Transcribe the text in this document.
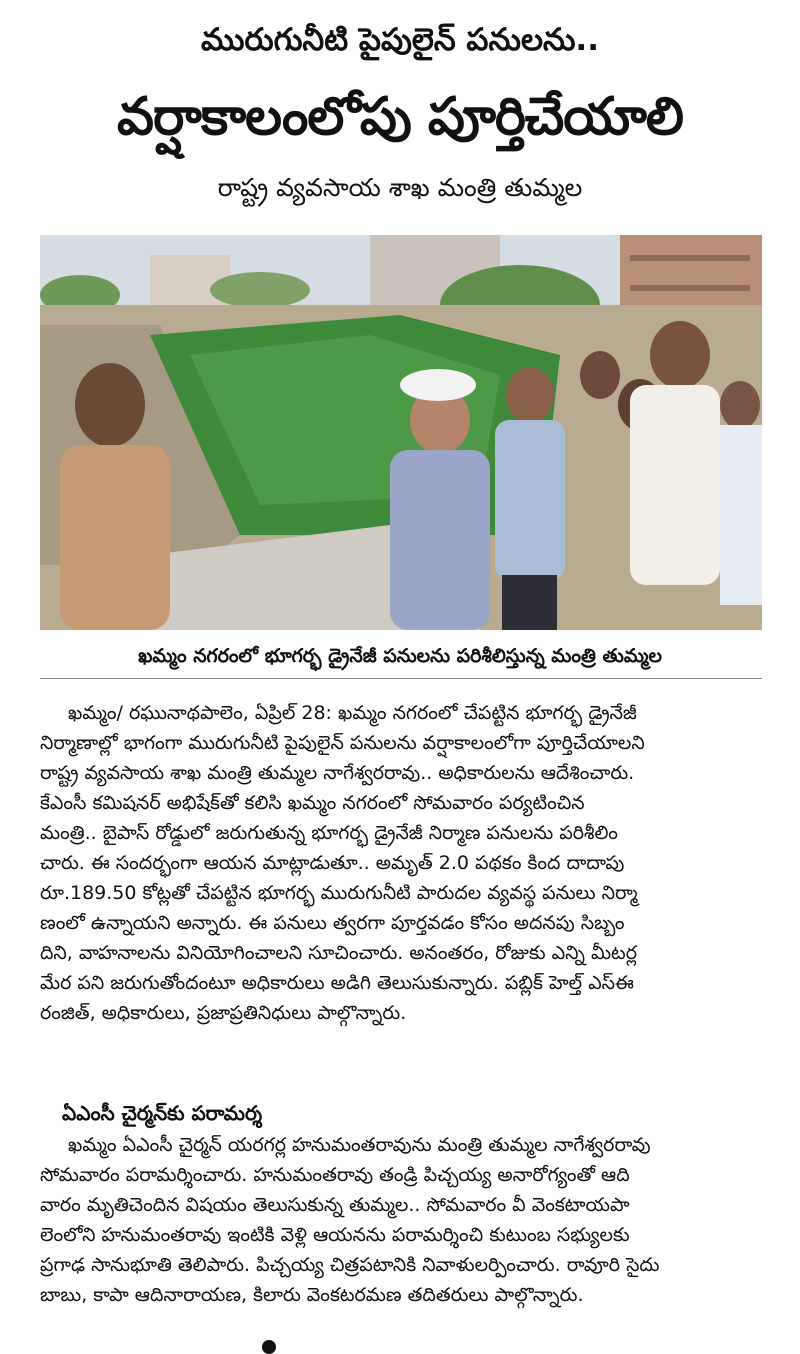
మురుగునీటి పైపులైన్ పనులను..
వర్షాకాలంలోపు పూర్తిచేయాలి
రాష్ట్ర వ్యవసాయ శాఖ మంత్రి తుమ్మల
ఖమ్మం నగరంలో భూగర్భ డ్రైనేజీ పనులను పరిశీలిస్తున్న మంత్రి తుమ్మల
ఖమ్మం/ రఘునాథపాలెం, ఏప్రిల్ 28: ఖమ్మం నగరంలో చేపట్టిన భూగర్భ డ్రైనేజీ
నిర్మాణాల్లో భాగంగా మురుగునీటి పైపులైన్ పనులను వర్షాకాలంలోగా పూర్తిచేయాలని
రాష్ట్ర వ్యవసాయ శాఖ మంత్రి తుమ్మల నాగేశ్వరరావు.. అధికారులను ఆదేశించారు.
కేఎంసీ కమిషనర్ అభిషేక్‌తో కలిసి ఖమ్మం నగరంలో సోమవారం పర్యటించిన
మంత్రి.. బైపాస్ రోడ్డులో జరుగుతున్న భూగర్భ డ్రైనేజీ నిర్మాణ పనులను పరిశీలిం
చారు. ఈ సందర్భంగా ఆయన మాట్లాడుతూ.. అమృత్ 2.0 పథకం కింద దాదాపు
రూ.189.50 కోట్లతో చేపట్టిన భూగర్భ మురుగునీటి పారుదల వ్యవస్థ పనులు నిర్మా
ణంలో ఉన్నాయని అన్నారు. ఈ పనులు త్వరగా పూర్తవడం కోసం అదనపు సిబ్బం
దిని, వాహనాలను వినియోగించాలని సూచించారు. అనంతరం, రోజుకు ఎన్ని మీటర్ల
మేర పని జరుగుతోందంటూ అధికారులు అడిగి తెలుసుకున్నారు. పబ్లిక్ హెల్త్ ఎస్ఈ
రంజిత్, అధికారులు, ప్రజాప్రతినిధులు పాల్గొన్నారు.
ఏఎంసీ చైర్మన్‌కు పరామర్శ
ఖమ్మం ఏఎంసీ చైర్మన్ యరగర్ల హనుమంతరావును మంత్రి తుమ్మల నాగేశ్వరరావు
సోమవారం పరామర్శించారు. హనుమంతరావు తండ్రి పిచ్చయ్య అనారోగ్యంతో ఆది
వారం మృతిచెందిన విషయం తెలుసుకున్న తుమ్మల.. సోమవారం వీ వెంకటాయపా
లెంలోని హనుమంతరావు ఇంటికి వెళ్లి ఆయనను పరామర్శించి కుటుంబ సభ్యులకు
ప్రగాఢ సానుభూతి తెలిపారు. పిచ్చయ్య చిత్రపటానికి నివాళులర్పించారు. రావూరి సైదు
బాబు, కాపా ఆదినారాయణ, కిలారు వెంకటరమణ తదితరులు పాల్గొన్నారు.
